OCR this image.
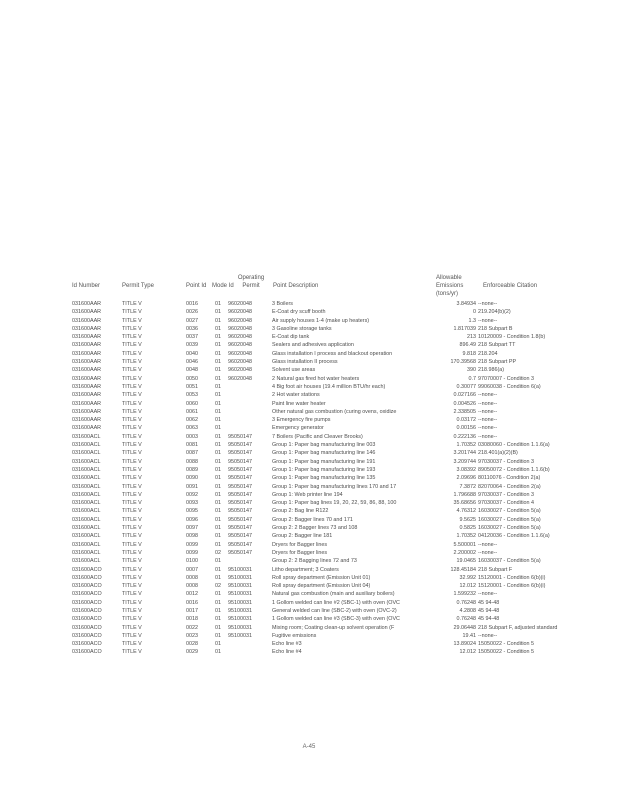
Id Number	Permit Type	Point Id Mode Id
Operating Permit	Point Description
Allowable Emissions (tons/yr)
Enforceable Citation
031600AAR	TITLE V	0016	01	96020048	3 Boilers	3.84934 --none--
031600AAR	TITLE V	0026	01	96020048	E-Coat dry scuff booth	0 219.204(b)(2)
031600AAR	TITLE V	0027	01	96020048	Air supply houses 1-4 (make up heaters)	1.3 --none--
031600AAR	TITLE V	0036	01	96020048	3 Gasoline storage tanks	1.817039 218 Subpart B
031600AAR	TITLE V	0037	01	96020048	E-Coat dip tank	213 10120009 - Condition 1.8(b)
031600AAR	TITLE V	0039	01	96020048	Sealers and adhesives application	896.49 218 Subpart TT
031600AAR	TITLE V	0040	01	96020048	Glass installation I process and blackout operation	9.818 218.204
031600AAR	TITLE V	0046	01	96020048	Glass installation II process	170.39568 218 Subpart PP
031600AAR	TITLE V	0048	01	96020048	Solvent use areas	390 218.986(a)
031600AAR	TITLE V	0050	01	96020048	2 Natural gas fired hot water heaters	0.7 97070007 - Condition 3
031600AAR	TITLE V	0051	01	4 Big foot air houses (19.4 million BTU/hr each)	0.30077 99060038 - Condition 6(a)
031600AAR	TITLE V	0053	01	2 Hot water stations	0.027166 --none--
031600AAR	TITLE V	0060	01	Paint line water heater	0.004526 --none--
031600AAR	TITLE V	0061	01	Other natural gas combustion (curing ovens, oxidize	2.338505 --none--
031600AAR	TITLE V	0062	01	3 Emergency fire pumps	0.03172 --none--
031600AAR	TITLE V	0063	01	Emergency generator	0.00156 --none--
031600ACL	TITLE V	0003	01	95050147	7 Boilers (Pacific and Cleaver Brooks)	0.222136 --none--
031600ACL	TITLE V	0081	01	95050147	Group 1: Paper bag manufacturing line 003	1.70352 03080060 - Condition 1.1.6(a)
031600ACL	TITLE V	0087	01	95050147	Group 1: Paper bag manufacturing line 146	3.201744 218.401(a)(2)(B)
031600ACL	TITLE V	0088	01	95050147	Group 1: Paper bag manufacturing line 191	3.209744 97030037 - Condition 3
031600ACL	TITLE V	0089	01	95050147	Group 1: Paper bag manufacturing line 193	3.08392 89050072 - Condition 1.1.6(b)
031600ACL	TITLE V	0090	01	95050147	Group 1: Paper bag manufacturing line 135	2.09696 80110076 - Condition 2(a)
031600ACL	TITLE V	0091	01	95050147	Group 1: Paper bag manufacturing lines 170 and 17	7.3872 82070064 - Condition 2(a)
031600ACL	TITLE V	0092	01	95050147	Group 1: Web printer line 194	1.796688 97030037 - Condition 3
031600ACL	TITLE V	0093	01	95050147	Group 1: Paper bag lines 19, 20, 22, 59, 86, 88, 100	35.68656 97030037 - Condition 4
031600ACL	TITLE V	0095	01	95050147	Group 2: Bag line R122	4.76312 16030027 - Condition 5(a)
031600ACL	TITLE V	0096	01	95050147	Group 2: Bagger lines 70 and 171	9.5625 16030027 - Condition 5(a)
031600ACL	TITLE V	0097	01	95050147	Group 2: 2 Bagger lines 73 and 108	0.5825 16030027 - Condition 5(a)
031600ACL	TITLE V	0098	01	95050147	Group 2: Bagger line 181	1.70352 04120036 - Condition 1.1.6(a)
031600ACL	TITLE V	0099	01	95050147	Dryers for Bagger lines	5.500001 --none--
031600ACL	TITLE V	0099	02	95050147	Dryers for Bagger lines	2.200002 --none--
031600ACL	TITLE V	0100	01	Group 2: 2 Bagging lines 72 and 73	19.0465 16030037 - Condition 5(a)
031600ACO	TITLE V	0007	01	95100031	Litho department; 3 Coaters	128.45184 218 Subpart F
031600ACO	TITLE V	0008	01	95100031	Roll spray department (Emission Unit 01)	32.992 15120001 - Condition 6(b)(i)
031600ACO	TITLE V	0008	02	95100031	Roll spray department (Emission Unit 04)	12.012 15120001 - Condition 6(b)(i)
031600ACO	TITLE V	0012	01	95100031	Natural gas combustion (main and auxiliary boilers)	1.599232 --none--
031600ACO	TITLE V	0016	01	95100031	1 Gollom welded can line #2 (SBC-1) with oven (OVC	0.76248 45 94-48
031600ACO	TITLE V	0017	01	95100031	General welded can line (SBC-2) with oven (OVC-2)	4.2808 45 94-48
031600ACO	TITLE V	0018	01	95100031	1 Gollom welded can line #3 (SBC-3) with oven (OVC	0.76248 45 94-48
031600ACO	TITLE V	0022	01	95100031	Mixing room; Coating clean-up solvent operation (F	29.06448 218 Subpart F, adjusted standard
031600ACO	TITLE V	0023	01	95100031	Fugitive emissions	19.41 --none--
031600ACO	TITLE V	0028	01	Echo line #3	13.89024 15050022 - Condition 5
031600ACO	TITLE V	0029	01	Echo line #4	12.012 15050022 - Condition 5
A-45
